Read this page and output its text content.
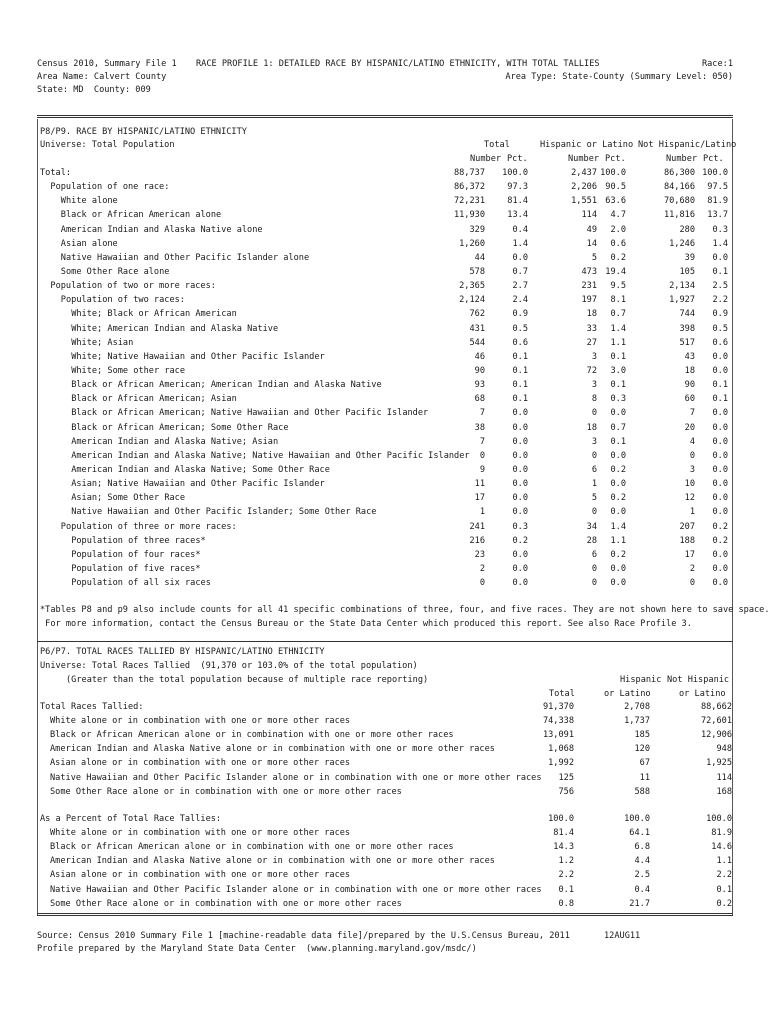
Census 2010, Summary File 1 RACE PROFILE 1: DETAILED RACE BY HISPANIC/LATINO ETHNICITY, WITH TOTAL TALLIES	Race:1
Area Name: Calvert County	Area Type: State-County (Summary Level: 050)
State: MD  County: 009
P8/P9. RACE BY HISPANIC/LATINO ETHNICITY
Universe: Total Population	Total	Hispanic or Latino Not Hispanic/Latino
Number Pct.	Number Pct.	Number Pct.
Total:	88,737 100.0	2,437 100.0	86,300 100.0
Population of one race:	86,372	97.3	2,206 90.5	84,166 97.5
White alone	72,231	81.4	1,551 63.6	70,680 81.9
Black or African American alone	11,930	13.4	114 4.7	11,816 13.7
American Indian and Alaska Native alone	329	0.4	49 2.0	280 0.3
Asian alone	1,260	1.4	14 0.6	1,246 1.4
Native Hawaiian and Other Pacific Islander alone	44	0.0	5 0.2	39 0.0
Some Other Race alone	578	0.7	473 19.4	105 0.1
Population of two or more races:	2,365	2.7	231 9.5	2,134 2.5
Population of two races:	2,124	2.4	197 8.1	1,927 2.2
White; Black or African American	762	0.9	18 0.7	744 0.9
White; American Indian and Alaska Native	431	0.5	33 1.4	398 0.5
White; Asian	544	0.6	27 1.1	517 0.6
White; Native Hawaiian and Other Pacific Islander	46	0.1	3 0.1	43 0.0
White; Some other race	90	0.1	72 3.0	18 0.0
Black or African American; American Indian and Alaska Native	93	0.1	3 0.1	90 0.1
Black or African American; Asian	68	0.1	8 0.3	60 0.1
Black or African American; Native Hawaiian and Other Pacific Islander	7	0.0	0 0.0	7 0.0
Black or African American; Some Other Race	38	0.0	18 0.7	20 0.0
American Indian and Alaska Native; Asian	7	0.0	3 0.1	4 0.0
American Indian and Alaska Native; Native Hawaiian and Other Pacific Islander 0	0.0	0 0.0	0 0.0
American Indian and Alaska Native; Some Other Race	9	0.0	6 0.2	3 0.0
Asian; Native Hawaiian and Other Pacific Islander	11	0.0	1 0.0	10 0.0
Asian; Some Other Race	17	0.0	5 0.2	12 0.0
Native Hawaiian and Other Pacific Islander; Some Other Race	1	0.0	0 0.0	1 0.0
Population of three or more races:	241	0.3	34 1.4	207 0.2
Population of three races*	216	0.2	28 1.1	188 0.2
Population of four races*	23	0.0	6 0.2	17 0.0
Population of five races*	2	0.0	0 0.0	2 0.0
Population of all six races	0	0.0	0 0.0	0 0.0
*Tables P8 and p9 also include counts for all 41 specific combinations of three, four, and five races. They are not shown here to save space.
For more information, contact the Census Bureau or the State Data Center which produced this report. See also Race Profile 3.
P6/P7. TOTAL RACES TALLIED BY HISPANIC/LATINO ETHNICITY
Universe: Total Races Tallied  (91,370 or 103.0% of the total population)
(Greater than the total population because of multiple race reporting)	Hispanic Not Hispanic
Total	or Latino	or Latino
Total Races Tallied:	91,370	2,708	88,662
White alone or in combination with one or more other races	74,338	1,737	72,601
Black or African American alone or in combination with one or more other races	13,091	185	12,906
American Indian and Alaska Native alone or in combination with one or more other races	1,068	120	948
Asian alone or in combination with one or more other races	1,992	67	1,925
Native Hawaiian and Other Pacific Islander alone or in combination with one or more other races 125	11	114
Some Other Race alone or in combination with one or more other races	756	588	168
As a Percent of Total Race Tallies:	100.0	100.0	100.0
White alone or in combination with one or more other races	81.4	64.1	81.9
Black or African American alone or in combination with one or more other races	14.3	6.8	14.6
American Indian and Alaska Native alone or in combination with one or more other races	1.2	4.4	1.1
Asian alone or in combination with one or more other races	2.2	2.5	2.2
Native Hawaiian and Other Pacific Islander alone or in combination with one or more other races 0.1	0.4	0.1
Some Other Race alone or in combination with one or more other races	0.8	21.7	0.2
Source: Census 2010 Summary File 1 [machine-readable data file]/prepared by the U.S.Census Bureau, 2011	12AUG11
Profile prepared by the Maryland State Data Center  (www.planning.maryland.gov/msdc/)
